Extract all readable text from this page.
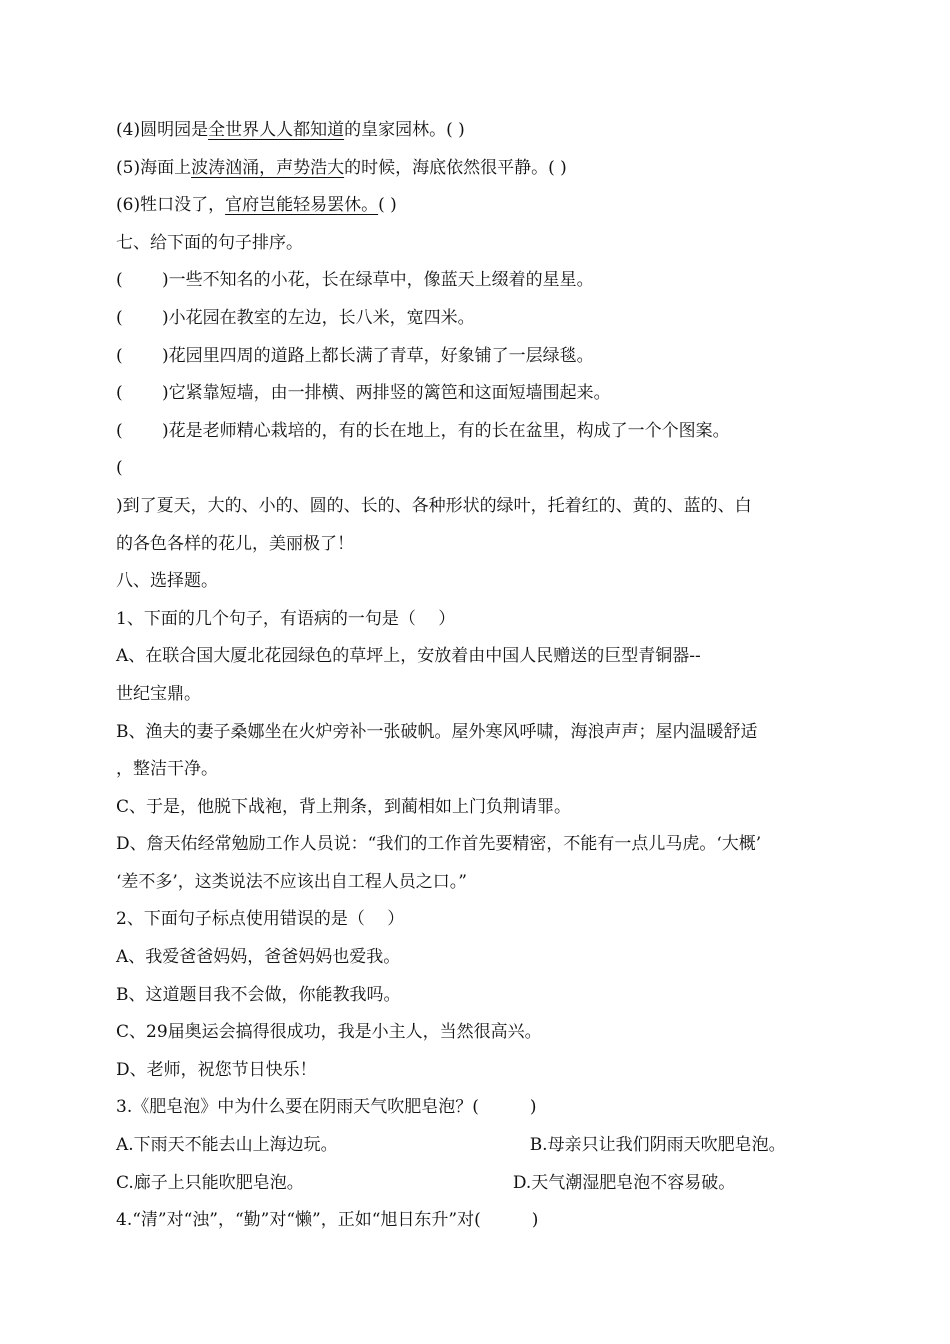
(4)圆明园是全世界人人都知道的皇家园林。( )
(5)海面上波涛汹涌，声势浩大的时候，海底依然很平静。( )
(6)牲口没了，官府岂能轻易罢休。( )
七、给下面的句子排序。
(　　 )一些不知名的小花，长在绿草中，像蓝天上缀着的星星。
(　　 )小花园在教室的左边，长八米，宽四米。
(　　 )花园里四周的道路上都长满了青草，好象铺了一层绿毯。
(　　 )它紧靠短墙，由一排横、两排竖的篱笆和这面短墙围起来。
(　　 )花是老师精心栽培的，有的长在地上，有的长在盆里，构成了一个个图案。
(
)到了夏天，大的、小的、圆的、长的、各种形状的绿叶，托着红的、黄的、蓝的、白
的各色各样的花儿，美丽极了！
八、选择题。
1、下面的几个句子，有语病的一句是（　 ）
A、在联合国大厦北花园绿色的草坪上，安放着由中国人民赠送的巨型青铜器--
世纪宝鼎。
B、渔夫的妻子桑娜坐在火炉旁补一张破帆。屋外寒风呼啸，海浪声声；屋内温暖舒适
，整洁干净。
C、于是，他脱下战袍，背上荆条，到蔺相如上门负荆请罪。
D、詹天佑经常勉励工作人员说：“我们的工作首先要精密，不能有一点儿马虎。‘大概’
‘差不多’，这类说法不应该出自工程人员之口。”
2、下面句子标点使用错误的是（　 ）
A、我爱爸爸妈妈，爸爸妈妈也爱我。
B、这道题目我不会做，你能教我吗。
C、29届奥运会搞得很成功，我是小主人，当然很高兴。
D、老师，祝您节日快乐！
3.《肥皂泡》中为什么要在阴雨天气吹肥皂泡？(　　　)
A.下雨天不能去山上海边玩。	B.母亲只让我们阴雨天吹肥皂泡。
C.廊子上只能吹肥皂泡。	D.天气潮湿肥皂泡不容易破。
4.“清”对“浊”，“勤”对“懒”，正如“旭日东升”对(　　　)
